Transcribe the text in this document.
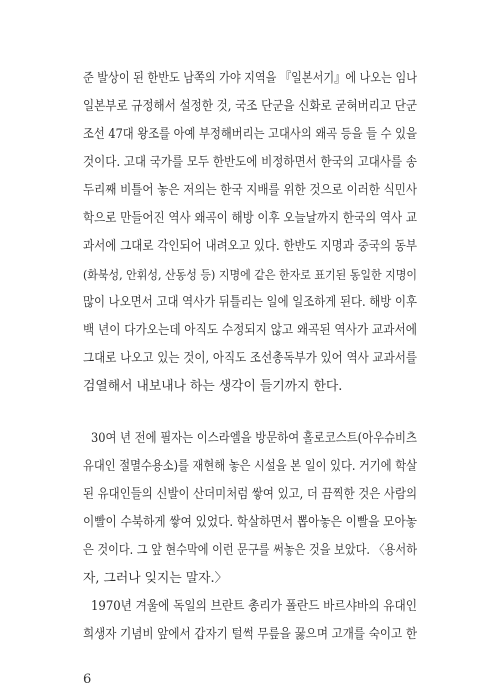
준 발상이 된 한반도 남쪽의 가야 지역을 『일본서기』에 나오는 임나
일본부로 규정해서 설정한 것, 국조 단군을 신화로 굳혀버리고 단군
조선 47대 왕조를 아예 부정해버리는 고대사의 왜곡 등을 들 수 있을
것이다. 고대 국가를 모두 한반도에 비정하면서 한국의 고대사를 송
두리째 비틀어 놓은 저의는 한국 지배를 위한 것으로 이러한 식민사
학으로 만들어진 역사 왜곡이 해방 이후 오늘날까지 한국의 역사 교
과서에 그대로 각인되어 내려오고 있다. 한반도 지명과 중국의 동부
(화북성, 안휘성, 산동성 등) 지명에 같은 한자로 표기된 동일한 지명이
많이 나오면서 고대 역사가 뒤틀리는 일에 일조하게 된다. 해방 이후
백 년이 다가오는데 아직도 수정되지 않고 왜곡된 역사가 교과서에
그대로 나오고 있는 것이, 아직도 조선총독부가 있어 역사 교과서를
검열해서 내보내나 하는 생각이 들기까지 한다.
30여 년 전에 필자는 이스라엘을 방문하여 홀로코스트(아우슈비츠
유대인 절멸수용소)를 재현해 놓은 시설을 본 일이 있다. 거기에 학살
된 유대인들의 신발이 산더미처럼 쌓여 있고, 더 끔찍한 것은 사람의
이빨이 수북하게 쌓여 있었다. 학살하면서 뽑아놓은 이빨을 모아놓
은 것이다. 그 앞 현수막에 이런 문구를 써놓은 것을 보았다. 〈용서하
자, 그러나 잊지는 말자.〉
1970년 겨울에 독일의 브란트 총리가 폴란드 바르샤바의 유대인
희생자 기념비 앞에서 갑자기 털썩 무릎을 꿇으며 고개를 숙이고 한
6
